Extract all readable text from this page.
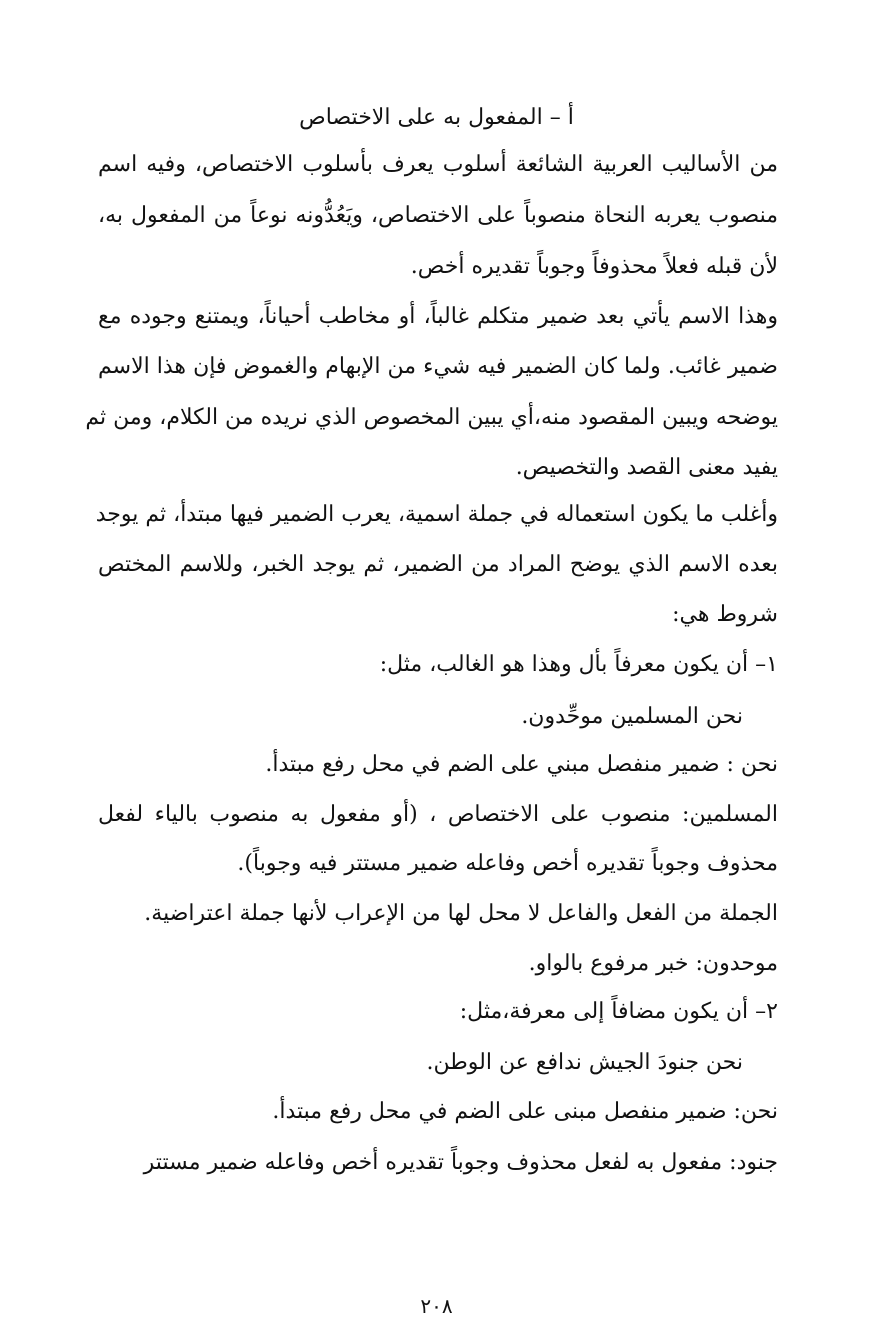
أ – المفعول به على الاختصاص
من الأساليب العربية الشائعة أسلوب يعرف بأسلوب الاختصاص، وفيه اسم
منصوب يعربه النحاة منصوباً على الاختصاص، ويَعُدُّونه نوعاً من المفعول به،
لأن قبله فعلاً محذوفاً وجوباً تقديره أخص.
وهذا الاسم يأتي بعد ضمير متكلم غالباً، أو مخاطب أحياناً، ويمتنع وجوده مع
ضمير غائب. ولما كان الضمير فيه شيء من الإبهام والغموض فإن هذا الاسم
يوضحه ويبين المقصود منه،أي يبين المخصوص الذي نريده من الكلام، ومن ثم
يفيد معنى القصد والتخصيص.
وأغلب ما يكون استعماله في جملة اسمية، يعرب الضمير فيها مبتدأ، ثم يوجد
بعده الاسم الذي يوضح المراد من الضمير، ثم يوجد الخبر، وللاسم المختص
شروط هي:
١– أن يكون معرفاً بأل وهذا هو الغالب، مثل:
نحن المسلمين موحِّدون.
نحن : ضمير منفصل مبني على الضم في محل رفع مبتدأ.
المسلمين: منصوب على الاختصاص ، (أو مفعول به منصوب بالياء لفعل
محذوف وجوباً تقديره أخص وفاعله ضمير مستتر فيه وجوباً).
الجملة من الفعل والفاعل لا محل لها من الإعراب لأنها جملة اعتراضية.
موحدون: خبر مرفوع بالواو.
٢– أن يكون مضافاً إلى معرفة،مثل:
نحن جنودَ الجيش ندافع عن الوطن.
نحن: ضمير منفصل مبنى على الضم في محل رفع مبتدأ.
جنود: مفعول به لفعل محذوف وجوباً تقديره أخص وفاعله ضمير مستتر
٢٠٨
